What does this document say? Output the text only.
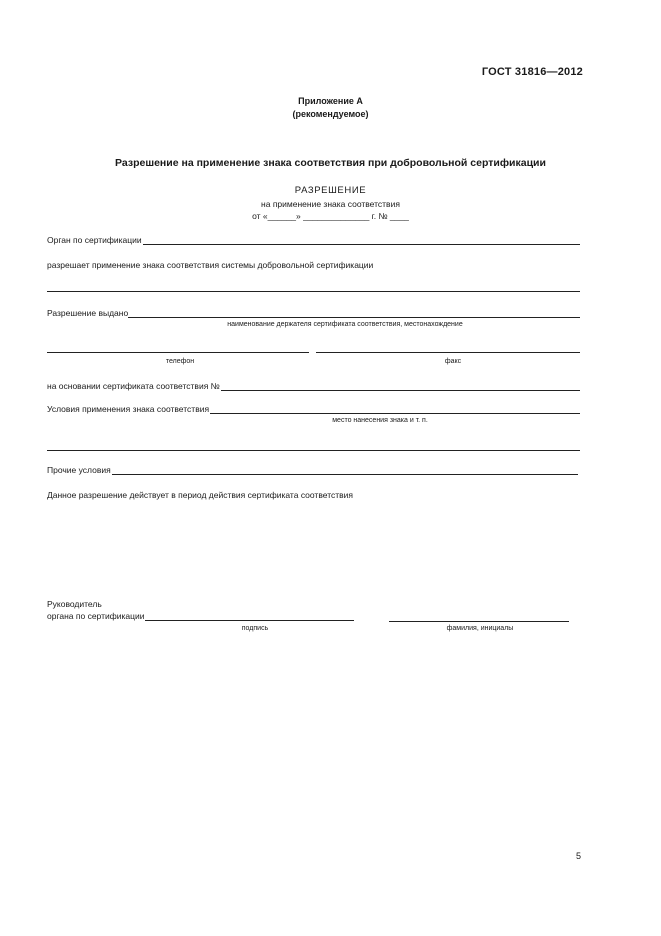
ГОСТ 31816—2012
Приложение А
(рекомендуемое)
Разрешение на применение знака соответствия при добровольной сертификации
РАЗРЕШЕНИЕ
на применение знака соответствия
от «______» ______________ г. № ____
Орган по сертификации
разрешает применение знака соответствия системы добровольной сертификации
Разрешение выдано
наименование держателя сертификата соответствия, местонахождение
телефон	факс
на основании сертификата соответствия №
Условия применения знака соответствия
место нанесения знака и т. п.
Прочие условия
Данное разрешение действует в период действия сертификата соответствия
Руководитель
органа по сертификации
подпись	фамилия, инициалы
5
